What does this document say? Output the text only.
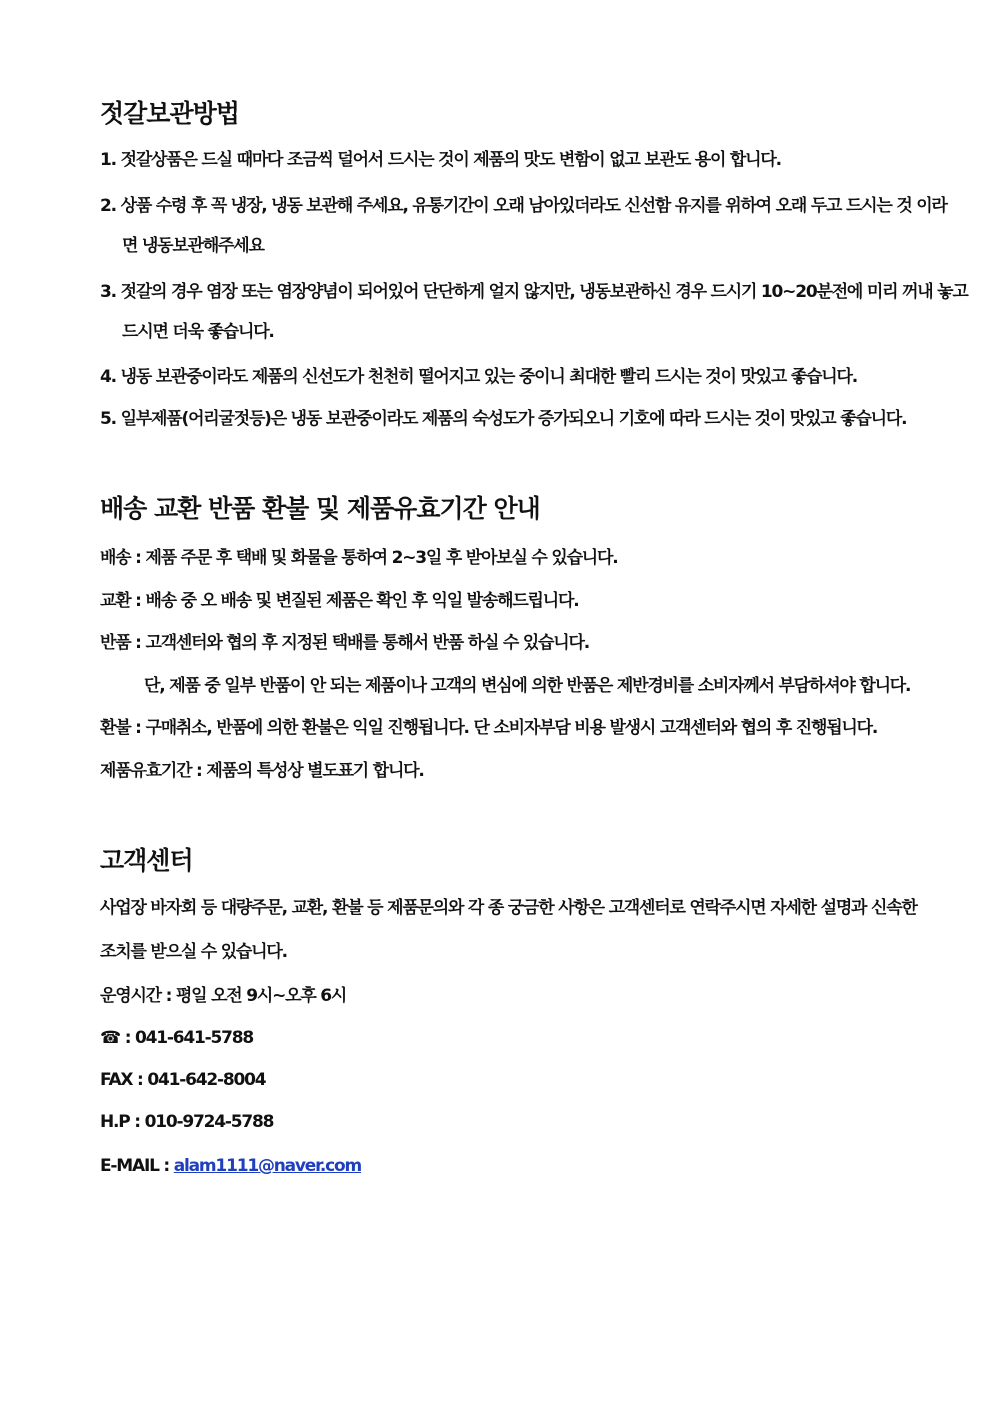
젓갈보관방법

1. 젓갈상품은 드실 때마다 조금씩 덜어서 드시는 것이 제품의 맛도 변함이 없고 보관도 용이 합니다.

2. 상품 수령 후 꼭 냉장, 냉동 보관해 주세요, 유통기간이 오래 남아있더라도 신선함 유지를 위하여 오래 두고 드시는 것 이라

면 냉동보관해주세요

3. 젓갈의 경우 염장 또는 염장양념이 되어있어 단단하게 얼지 않지만, 냉동보관하신 경우 드시기 10~20분전에 미리 꺼내 놓고

드시면 더욱 좋습니다.

4. 냉동 보관중이라도 제품의 신선도가 천천히 떨어지고 있는 중이니 최대한 빨리 드시는 것이 맛있고 좋습니다.

5. 일부제품(어리굴젓등)은 냉동 보관중이라도 제품의 숙성도가 증가되오니 기호에 따라 드시는 것이 맛있고 좋습니다.

배송 교환 반품 환불 및 제품유효기간 안내

배송 : 제품 주문 후 택배 및 화물을 통하여 2~3일 후 받아보실 수 있습니다.

교환 : 배송 중 오 배송 및 변질된 제품은 확인 후 익일 발송해드립니다.

반품 : 고객센터와 협의 후 지정된 택배를 통해서 반품 하실 수 있습니다.

단, 제품 중 일부 반품이 안 되는 제품이나 고객의 변심에 의한 반품은 제반경비를 소비자께서 부담하셔야 합니다.

환불 : 구매취소, 반품에 의한 환불은 익일 진행됩니다. 단 소비자부담 비용 발생시 고객센터와 협의 후 진행됩니다.

제품유효기간 : 제품의 특성상 별도표기 합니다.

고객센터

사업장 바자회 등 대량주문, 교환, 환불 등 제품문의와 각 종 궁금한 사항은 고객센터로 연락주시면 자세한 설명과 신속한

조치를 받으실 수 있습니다.

운영시간 : 평일 오전 9시~오후 6시

☎ : 041-641-5788

FAX : 041-642-8004

H.P : 010-9724-5788

E-MAIL : alam1111@naver.com
